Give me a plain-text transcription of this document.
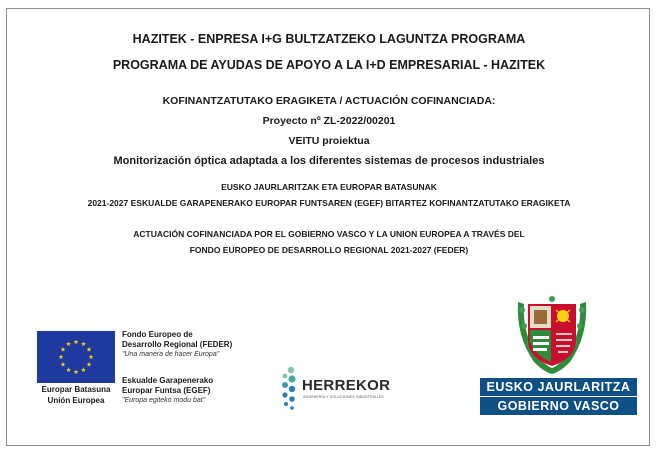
HAZITEK - ENPRESA I+G BULTZATZEKO LAGUNTZA PROGRAMA
PROGRAMA DE AYUDAS DE APOYO A LA I+D EMPRESARIAL - HAZITEK
KOFINANTZATUTAKO ERAGIKETA / ACTUACIÓN COFINANCIADA:
Proyecto nº ZL-2022/00201
VEITU proiektua
Monitorización óptica adaptada a los diferentes sistemas de procesos industriales
EUSKO JAURLARITZAK ETA EUROPAR BATASUNAK
2021-2027 ESKUALDE GARAPENERAKO EUROPAR FUNTSAREN (EGEF) BITARTEZ KOFINANTZATUTAKO ERAGIKETA
ACTUACIÓN COFINANCIADA POR EL GOBIERNO VASCO Y LA UNION EUROPEA A TRAVÉS DEL
FONDO EUROPEO DE DESARROLLO REGIONAL 2021-2027 (FEDER)
Europar Batasuna
Unión Europea
Fondo Europeo de
Desarrollo Regional (FEDER)
"Una manera de hacer Europa"
Eskualde Garapenerako
Europar Funtsa (EGEF)
"Europa egiteko modu bat"
HERREKOR
INGENIERÍA Y SOLUCIONES INDUSTRIALES
EUSKO JAURLARITZA
GOBIERNO VASCO
